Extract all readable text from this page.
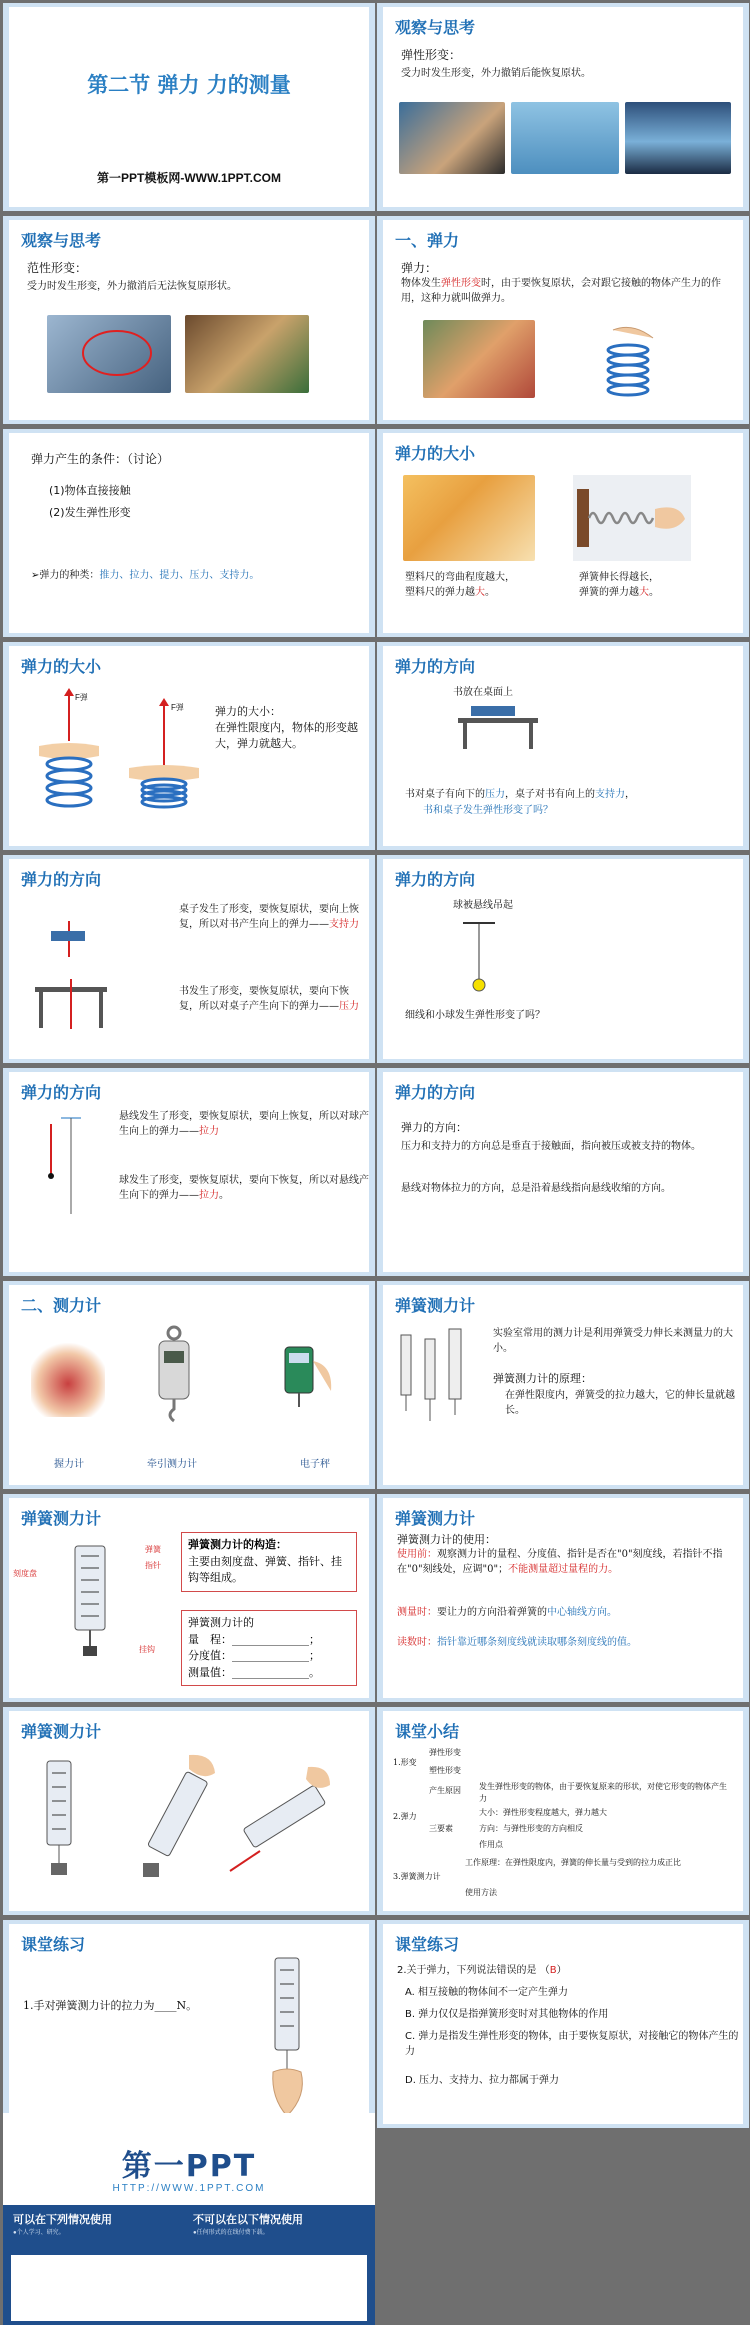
第二节 弹力 力的测量
第一PPT模板网-WWW.1PPT.COM
观察与思考
弹性形变：
受力时发生形变，外力撤销后能恢复原状。
观察与思考
范性形变：
受力时发生形变，外力撤消后无法恢复原形状。
一、弹力
弹力：
物体发生弹性形变时，由于要恢复原状，会对跟它接触的物体产生力的作用，这种力就叫做弹力。
弹力产生的条件：（讨论）
(1)物体直接接触
(2)发生弹性形变
➢弹力的种类：推力、拉力、提力、压力、支持力。
弹力的大小
塑料尺的弯曲程度越大，
塑料尺的弹力越大。
弹簧伸长得越长，
弹簧的弹力越大。
弹力的大小
F弹
F弹	弹力的大小：
在弹性限度内，物体的形变越大，弹力就越大。
弹力的方向
书放在桌面上
书对桌子有向下的压力，桌子对书有向上的支持力，
书和桌子发生弹性形变了吗？
弹力的方向
桌子发生了形变，要恢复原状，要向上恢复，所以对书产生向上的弹力——支持力
书发生了形变，要恢复原状，要向下恢复，所以对桌子产生向下的弹力——压力
弹力的方向
球被悬线吊起
细线和小球发生弹性形变了吗？
弹力的方向
悬线发生了形变，要恢复原状，要向上恢复，所以对球产生向上的弹力——拉力
球发生了形变，要恢复原状，要向下恢复，所以对悬线产生向下的弹力——拉力。
弹力的方向
弹力的方向：
压力和支持力的方向总是垂直于接触面，指向被压或被支持的物体。
悬线对物体拉力的方向，总是沿着悬线指向悬线收缩的方向。
二、测力计
握力计	牵引测力计	电子秤
弹簧测力计
实验室常用的测力计是利用弹簧受力伸长来测量力的大小。
弹簧测力计的原理：
在弹性限度内，弹簧受的拉力越大，它的伸长量就越长。
弹簧测力计
刻度盘
弹簧
指针
挂钩
弹簧测力计的构造：
主要由刻度盘、弹簧、指针、挂钩等组成。
弹簧测力计的
量　程：______________；
分度值：______________；
测量值：______________。
弹簧测力计
弹簧测力计的使用：
使用前：观察测力计的量程、分度值、指针是否在"0"刻度线，若指针不指在"0"刻线处，应调"0"；不能测量超过量程的力。
测量时：要让力的方向沿着弹簧的中心轴线方向。
读数时：指针靠近哪条刻度线就读取哪条刻度线的值。
弹簧测力计	课堂小结
1.形变
弹性形变
塑性形变
2.弹力
产生原因 发生弹性形变的物体，由于要恢复原来的形状，对使它形变的物体产生力
三要素
大小：弹性形变程度越大，弹力越大
方向：与弹性形变的方向相反
作用点
3.弹簧测力计
工作原理：在弹性限度内，弹簧的伸长量与受到的拉力成正比
使用方法
课堂练习
1.手对弹簧测力计的拉力为____N。
课堂练习
2.关于弹力，下列说法错误的是 （B）
A. 相互接触的物体间不一定产生弹力
B. 弹力仅仅是指弹簧形变时对其他物体的作用
C. 弹力是指发生弹性形变的物体，由于要恢复原状，对接触它的物体产生的力
D. 压力、支持力、拉力都属于弹力
第一PPT
HTTP://WWW.1PPT.COM
可以在下列情况使用	不可以在以下情况使用
●个人学习、研究。	●任何形式的在线付费下载。
